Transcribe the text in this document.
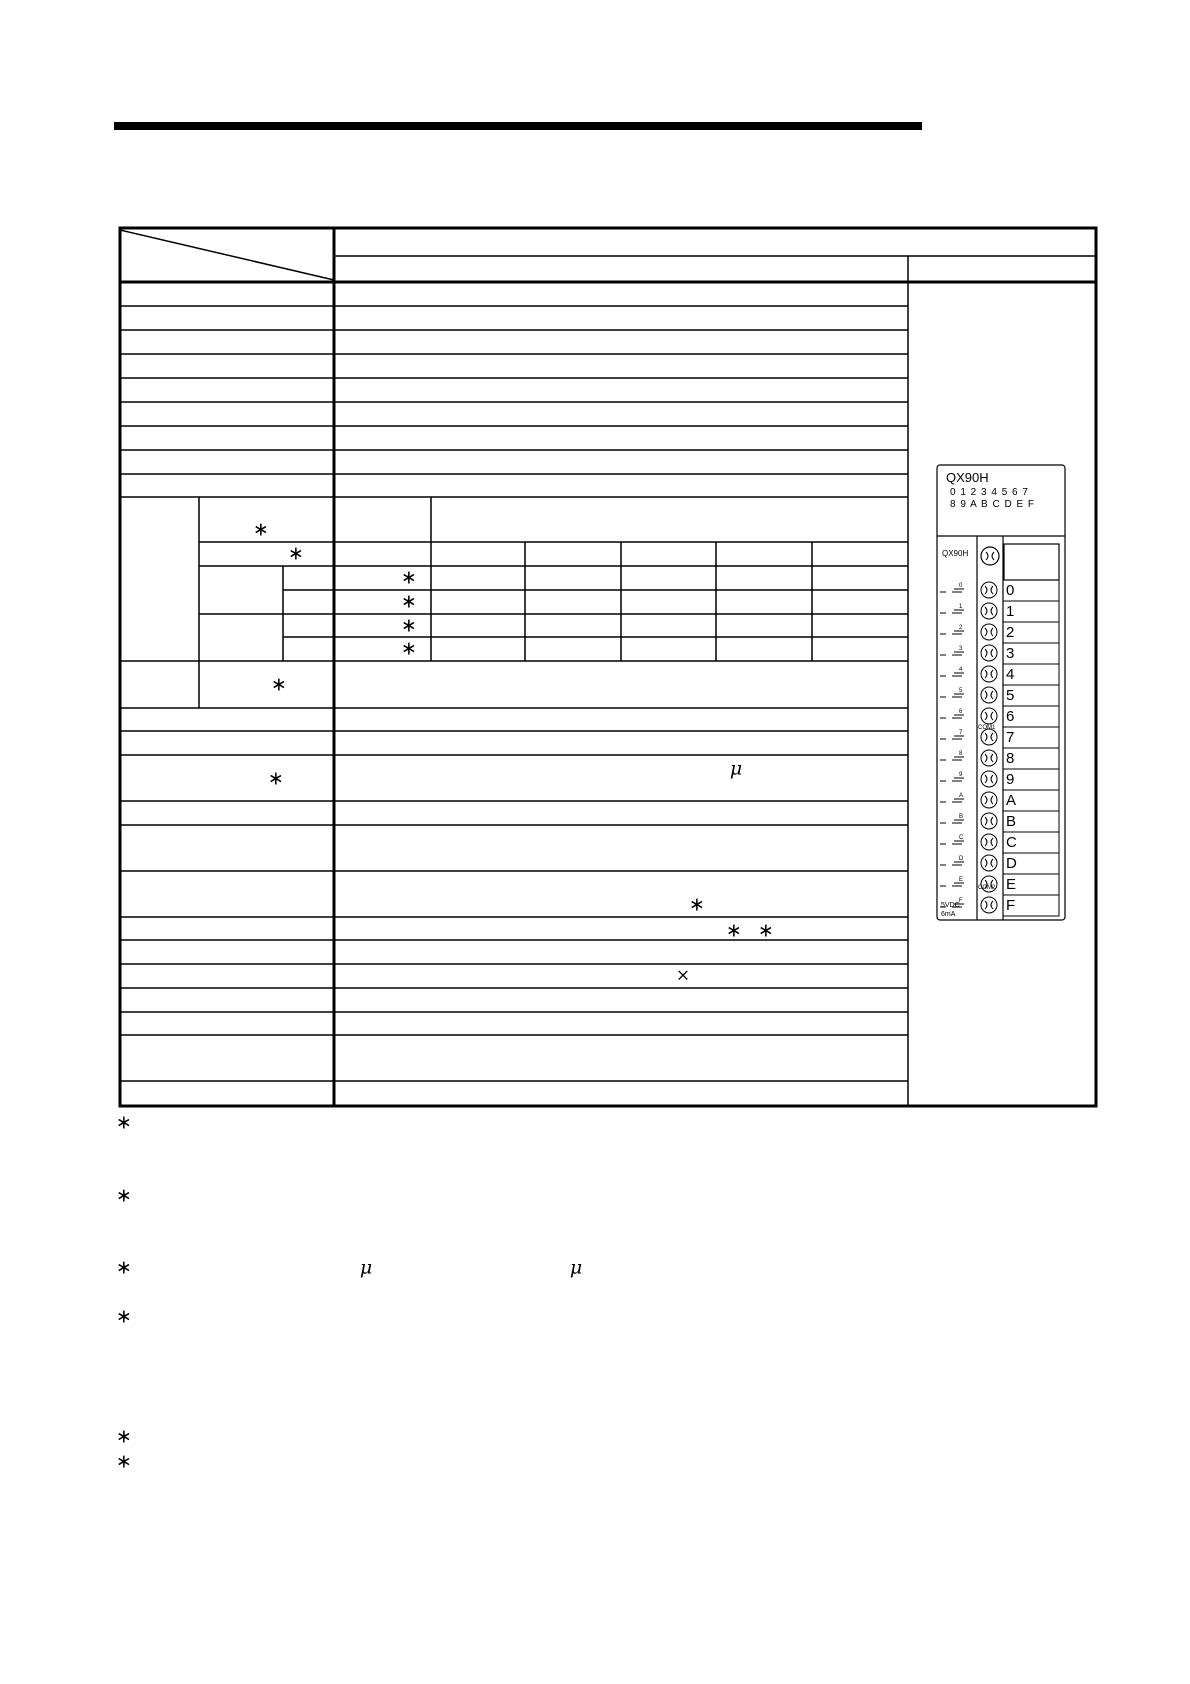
∗
∗
∗
∗
∗
∗
∗
μ
∗
∗
∗ ∗
×
∗
∗
∗	μ	μ
∗
∗
∗
QX90H
0 1 2 3 4 5 6 7
8 9 A B C D E F
QX90H
COM1
COM2
5VDC
6mA
0
0
1
1
2
2
3
3
4
4
5
5
6
6
7
7
8
8
9
9
A
A
B
B
C
C
D
D
E
E
F
F
